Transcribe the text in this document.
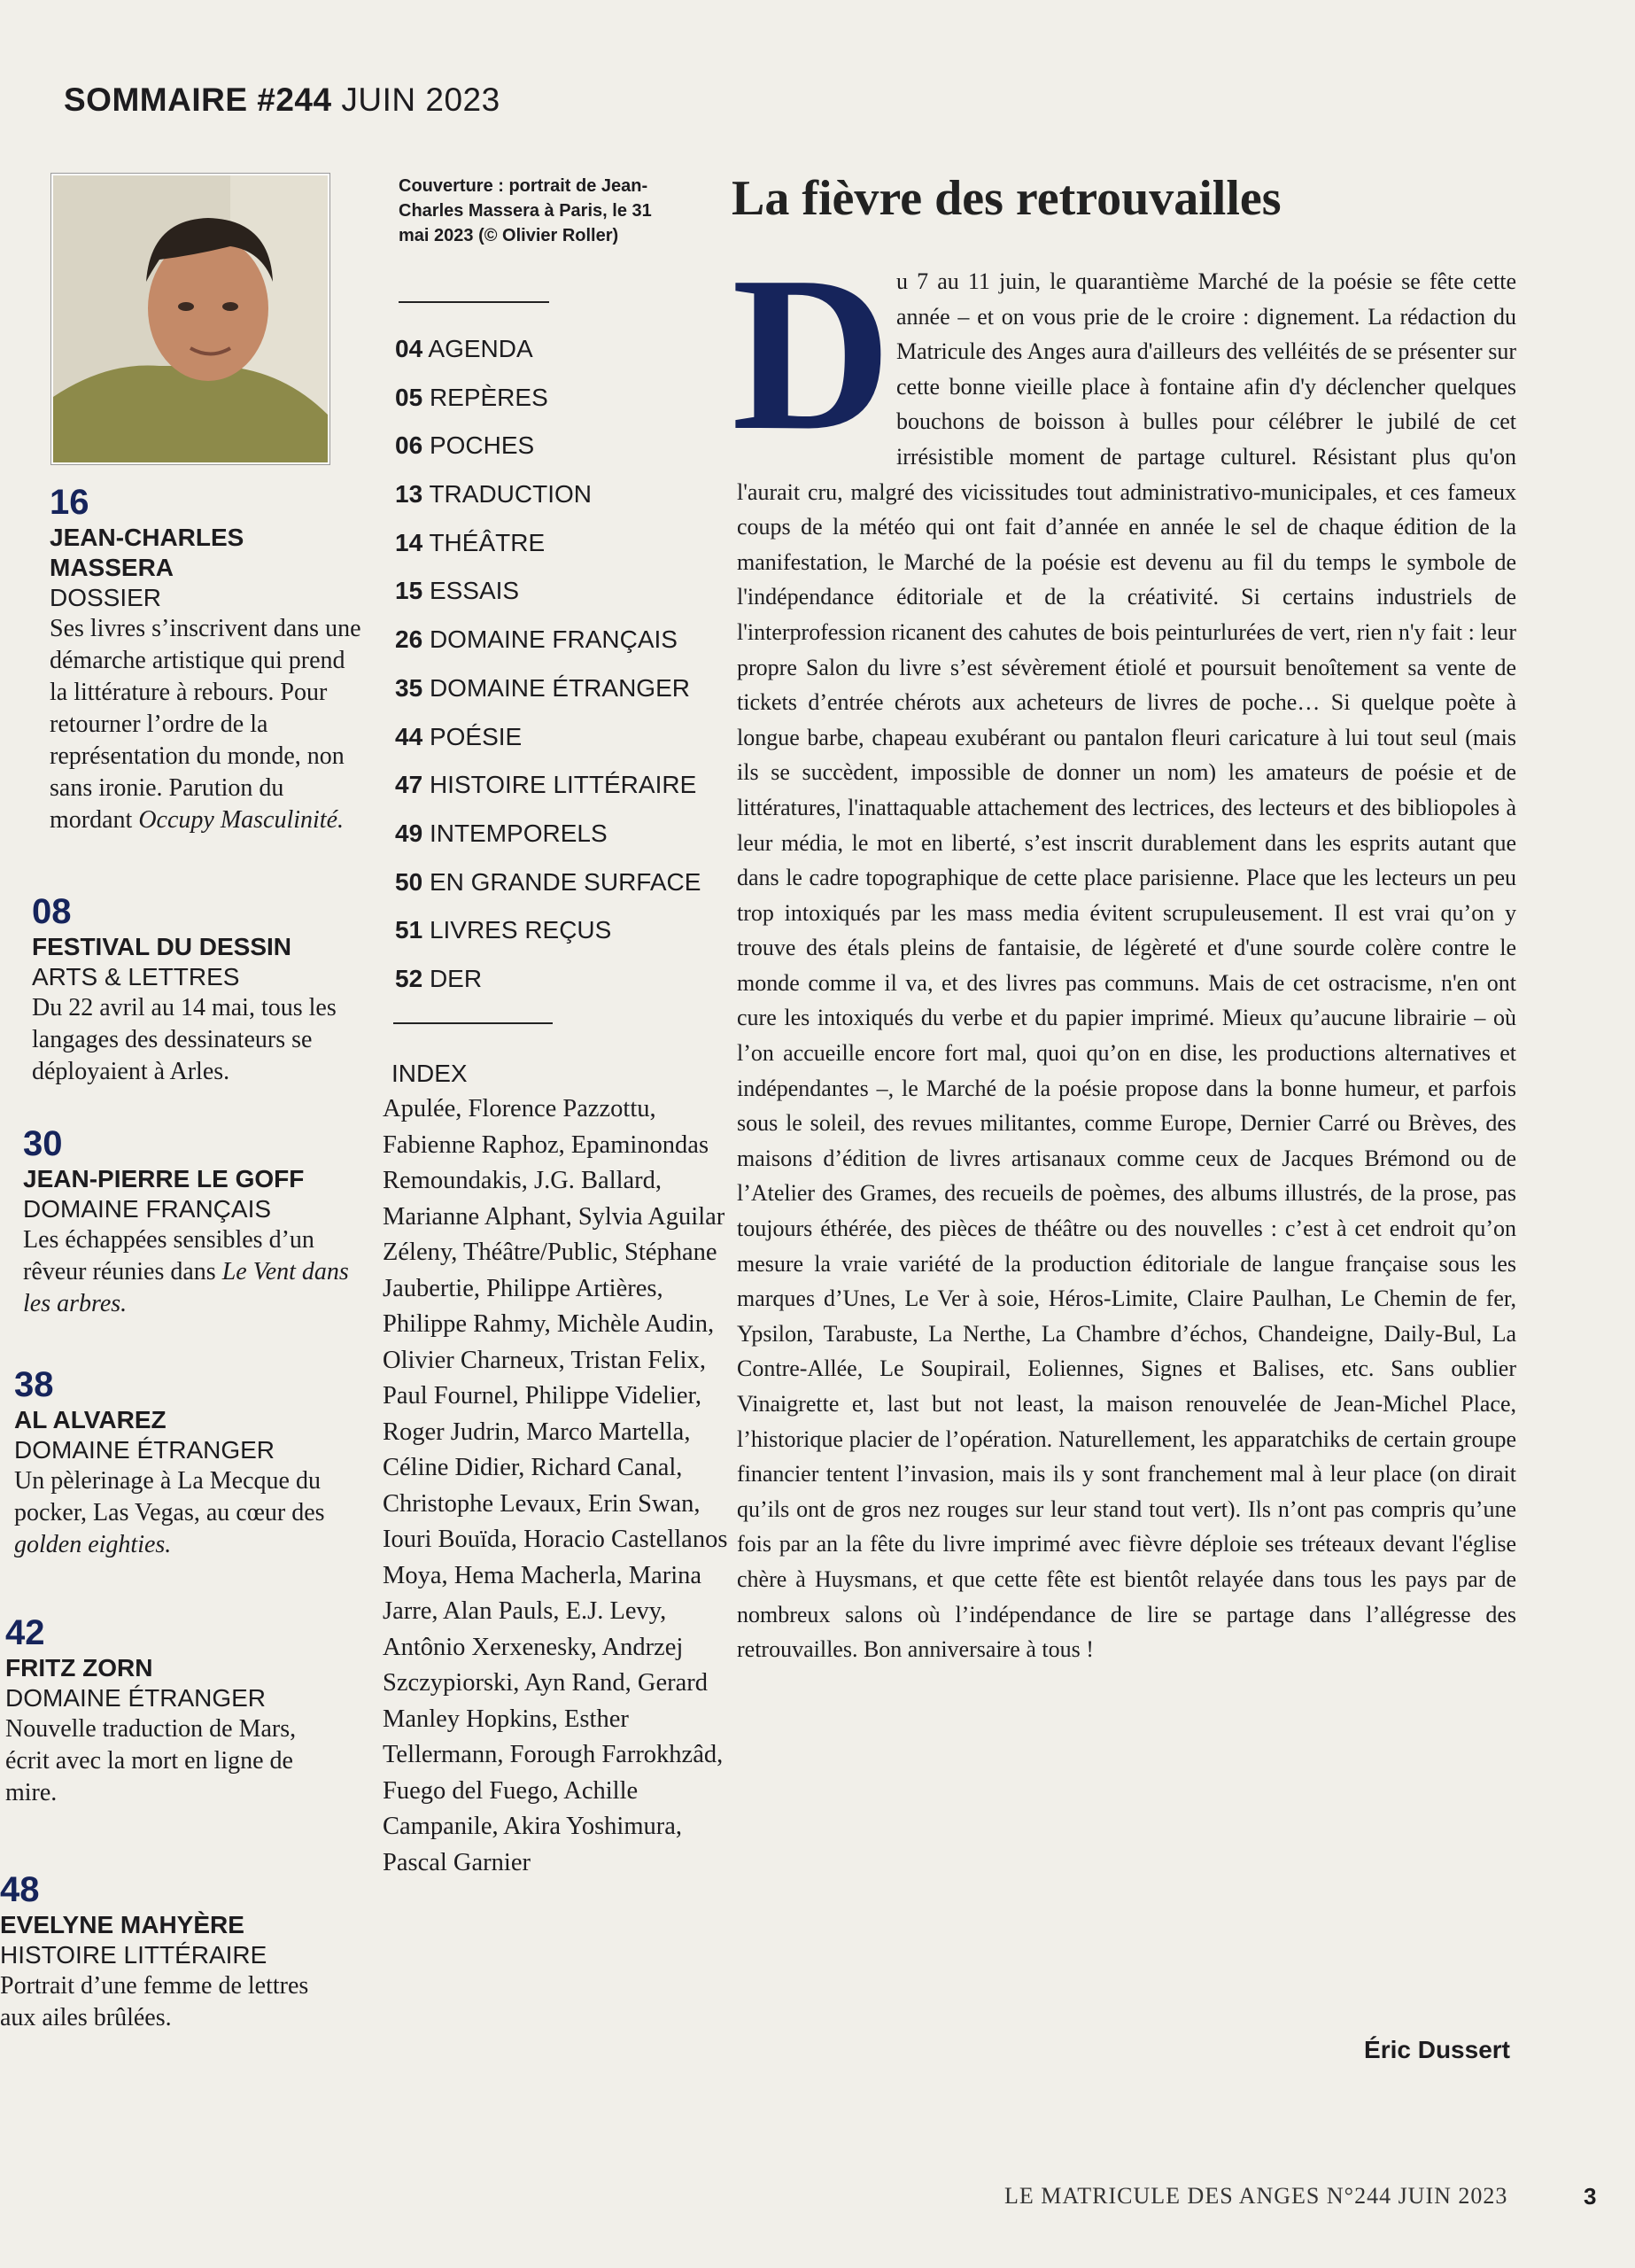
SOMMAIRE #244 JUIN 2023
16
JEAN-CHARLES MASSERA
DOSSIER
Ses livres s’inscrivent dans une démarche artistique qui prend la littérature à rebours. Pour retourner l’ordre de la représentation du monde, non sans ironie. Parution du mordant Occupy Masculinité.
08
FESTIVAL DU DESSIN
ARTS & LETTRES
Du 22 avril au 14 mai, tous les langages des dessinateurs se déployaient à Arles.
30
JEAN-PIERRE LE GOFF
DOMAINE FRANÇAIS
Les échappées sensibles d’un rêveur réunies dans Le Vent dans les arbres.
38
AL ALVAREZ
DOMAINE ÉTRANGER
Un pèlerinage à La Mecque du pocker, Las Vegas, au cœur des golden eighties.
42
FRITZ ZORN
DOMAINE ÉTRANGER
Nouvelle traduction de Mars, écrit avec la mort en ligne de mire.
48
EVELYNE MAHYÈRE
HISTOIRE LITTÉRAIRE
Portrait d’une femme de lettres aux ailes brûlées.
Couverture : portrait de Jean-Charles Massera à Paris, le 31 mai 2023 (© Olivier Roller)
04 AGENDA
05 REPÈRES
06 POCHES
13 TRADUCTION
14 THÉÂTRE
15 ESSAIS
26 DOMAINE FRANÇAIS
35 DOMAINE ÉTRANGER
44 POÉSIE
47 HISTOIRE LITTÉRAIRE
49 INTEMPORELS
50 EN GRANDE SURFACE
51 LIVRES REÇUS
52 DER
INDEX
Apulée, Florence Pazzottu, Fabienne Raphoz, Epaminondas Remoundakis, J.G. Ballard, Marianne Alphant, Sylvia Aguilar Zéleny, Théâtre/Public, Stéphane Jaubertie, Philippe Artières, Philippe Rahmy, Michèle Audin, Olivier Charneux, Tristan Felix, Paul Fournel, Philippe Videlier, Roger Judrin, Marco Martella, Céline Didier, Richard Canal, Christophe Levaux, Erin Swan, Iouri Bouïda, Horacio Castellanos Moya, Hema Macherla, Marina Jarre, Alan Pauls, E.J. Levy, Antônio Xerxenesky, Andrzej Szczypiorski, Ayn Rand, Gerard Manley Hopkins, Esther Tellermann, Forough Farrokhzâd, Fuego del Fuego, Achille Campanile, Akira Yoshimura, Pascal Garnier
La fièvre des retrouvailles
D u 7 au 11 juin, le quarantième Marché de la poésie se fête cette année – et on vous prie de le croire : dignement. La rédaction du Matricule des Anges aura d'ailleurs des velléités de se présenter sur cette bonne vieille place à fontaine afin d'y déclencher quelques bouchons de boisson à bulles pour célébrer le jubilé de cet irrésistible moment de partage culturel. Résistant plus qu'on l'aurait cru, malgré des vicissitudes tout administrativo-municipales, et ces fameux coups de la météo qui ont fait d’année en année le sel de chaque édition de la manifestation, le Marché de la poésie est devenu au fil du temps le symbole de l'indépendance éditoriale et de la créativité. Si certains industriels de l'interprofession ricanent des cahutes de bois peinturlurées de vert, rien n'y fait : leur propre Salon du livre s’est sévèrement étiolé et poursuit benoîtement sa vente de tickets d’entrée chérots aux acheteurs de livres de poche… Si quelque poète à longue barbe, chapeau exubérant ou pantalon fleuri caricature à lui tout seul (mais ils se succèdent, impossible de donner un nom) les amateurs de poésie et de littératures, l'inattaquable attachement des lectrices, des lecteurs et des bibliopoles à leur média, le mot en liberté, s’est inscrit durablement dans les esprits autant que dans le cadre topographique de cette place parisienne. Place que les lecteurs un peu trop intoxiqués par les mass media évitent scrupuleusement. Il est vrai qu’on y trouve des étals pleins de fantaisie, de légèreté et d'une sourde colère contre le monde comme il va, et des livres pas communs. Mais de cet ostracisme, n'en ont cure les intoxiqués du verbe et du papier imprimé. Mieux qu’aucune librairie – où l’on accueille encore fort mal, quoi qu’on en dise, les productions alternatives et indépendantes –, le Marché de la poésie propose dans la bonne humeur, et parfois sous le soleil, des revues militantes, comme Europe, Dernier Carré ou Brèves, des maisons d’édition de livres artisanaux comme ceux de Jacques Brémond ou de l’Atelier des Grames, des recueils de poèmes, des albums illustrés, de la prose, pas toujours éthérée, des pièces de théâtre ou des nouvelles : c’est à cet endroit qu’on mesure la vraie variété de la production éditoriale de langue française sous les marques d’Unes, Le Ver à soie, Héros-Limite, Claire Paulhan, Le Chemin de fer, Ypsilon, Tarabuste, La Nerthe, La Chambre d’échos, Chandeigne, Daily-Bul, La Contre-Allée, Le Soupirail, Eoliennes, Signes et Balises, etc. Sans oublier Vinaigrette et, last but not least, la maison renouvelée de Jean-Michel Place, l’historique placier de l’opération. Naturellement, les apparatchiks de certain groupe financier tentent l’invasion, mais ils y sont franchement mal à leur place (on dirait qu’ils ont de gros nez rouges sur leur stand tout vert). Ils n’ont pas compris qu’une fois par an la fête du livre imprimé avec fièvre déploie ses tréteaux devant l'église chère à Huysmans, et que cette fête est bientôt relayée dans tous les pays par de nombreux salons où l’indépendance de lire se partage dans l’allégresse des retrouvailles. Bon anniversaire à tous !
Éric Dussert
LE MATRICULE DES ANGES N°244 JUIN 2023	3
